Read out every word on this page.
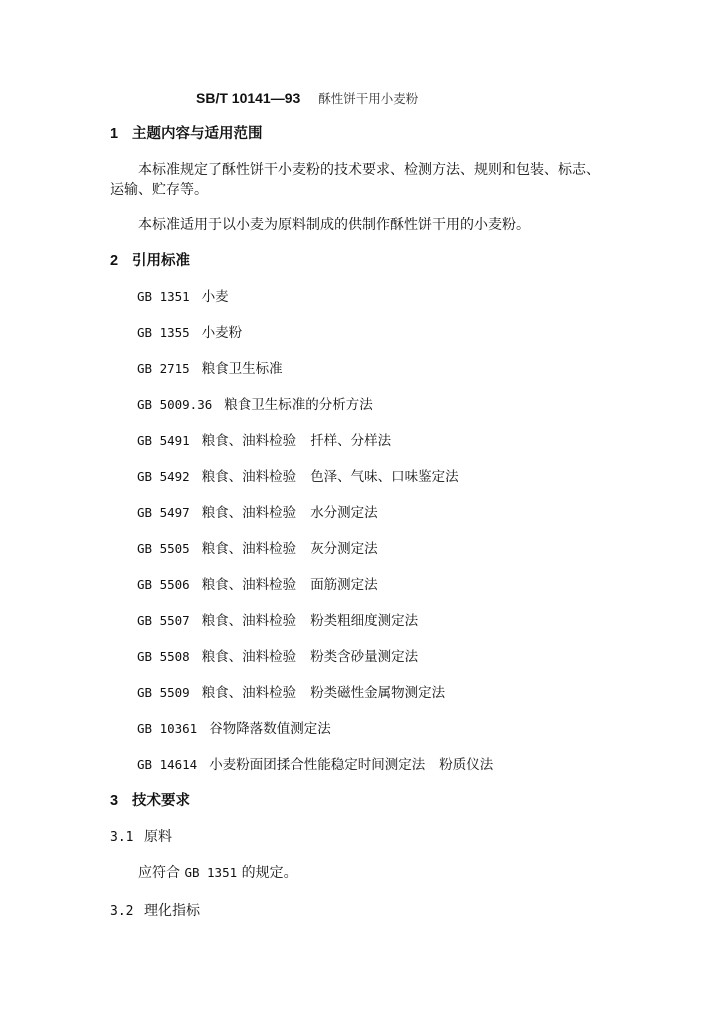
SB/T 10141—93 酥性饼干用小麦粉
1 主题内容与适用范围
本标准规定了酥性饼干小麦粉的技术要求、检测方法、规则和包装、标志、
运输、贮存等。
本标准适用于以小麦为原料制成的供制作酥性饼干用的小麦粉。
2 引用标准
GB 1351 小麦
GB 1355 小麦粉
GB 2715 粮食卫生标准
GB 5009.36 粮食卫生标准的分析方法
GB 5491 粮食、油料检验 扦样、分样法
GB 5492 粮食、油料检验 色泽、气味、口味鉴定法
GB 5497 粮食、油料检验 水分测定法
GB 5505 粮食、油料检验 灰分测定法
GB 5506 粮食、油料检验 面筋测定法
GB 5507 粮食、油料检验 粉类粗细度测定法
GB 5508 粮食、油料检验 粉类含砂量测定法
GB 5509 粮食、油料检验 粉类磁性金属物测定法
GB 10361 谷物降落数值测定法
GB 14614 小麦粉面团揉合性能稳定时间测定法 粉质仪法
3 技术要求
3.1 原料
应符合 GB 1351 的规定。
3.2 理化指标
